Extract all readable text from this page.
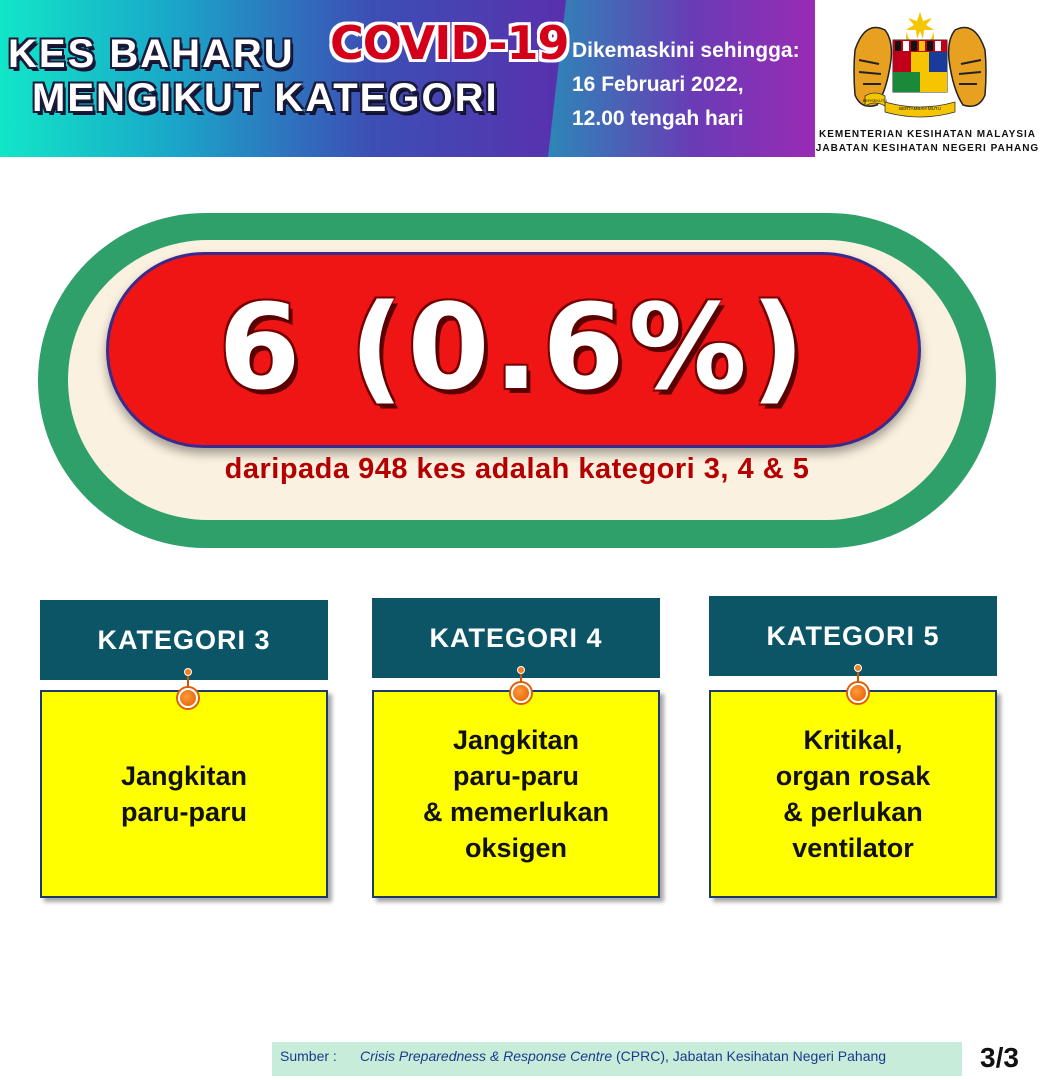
KES BAHARU COVID-19
MENGIKUT KATEGORI
Dikemaskini sehingga:
16 Februari 2022,
12.00 tengah hari
BERSEKUTU
BERTAMBAH MUTU
KEMENTERIAN KESIHATAN MALAYSIA
JABATAN KESIHATAN NEGERI PAHANG
6 (0.6%)
daripada 948 kes adalah kategori 3, 4 & 5
KATEGORI 3
Jangkitan
paru-paru
KATEGORI 4
Jangkitan
paru-paru
& memerlukan
oksigen
KATEGORI 5
Kritikal,
organ rosak
& perlukan
ventilator
Sumber : Crisis Preparedness & Response Centre (CPRC), Jabatan Kesihatan Negeri Pahang	3/3
